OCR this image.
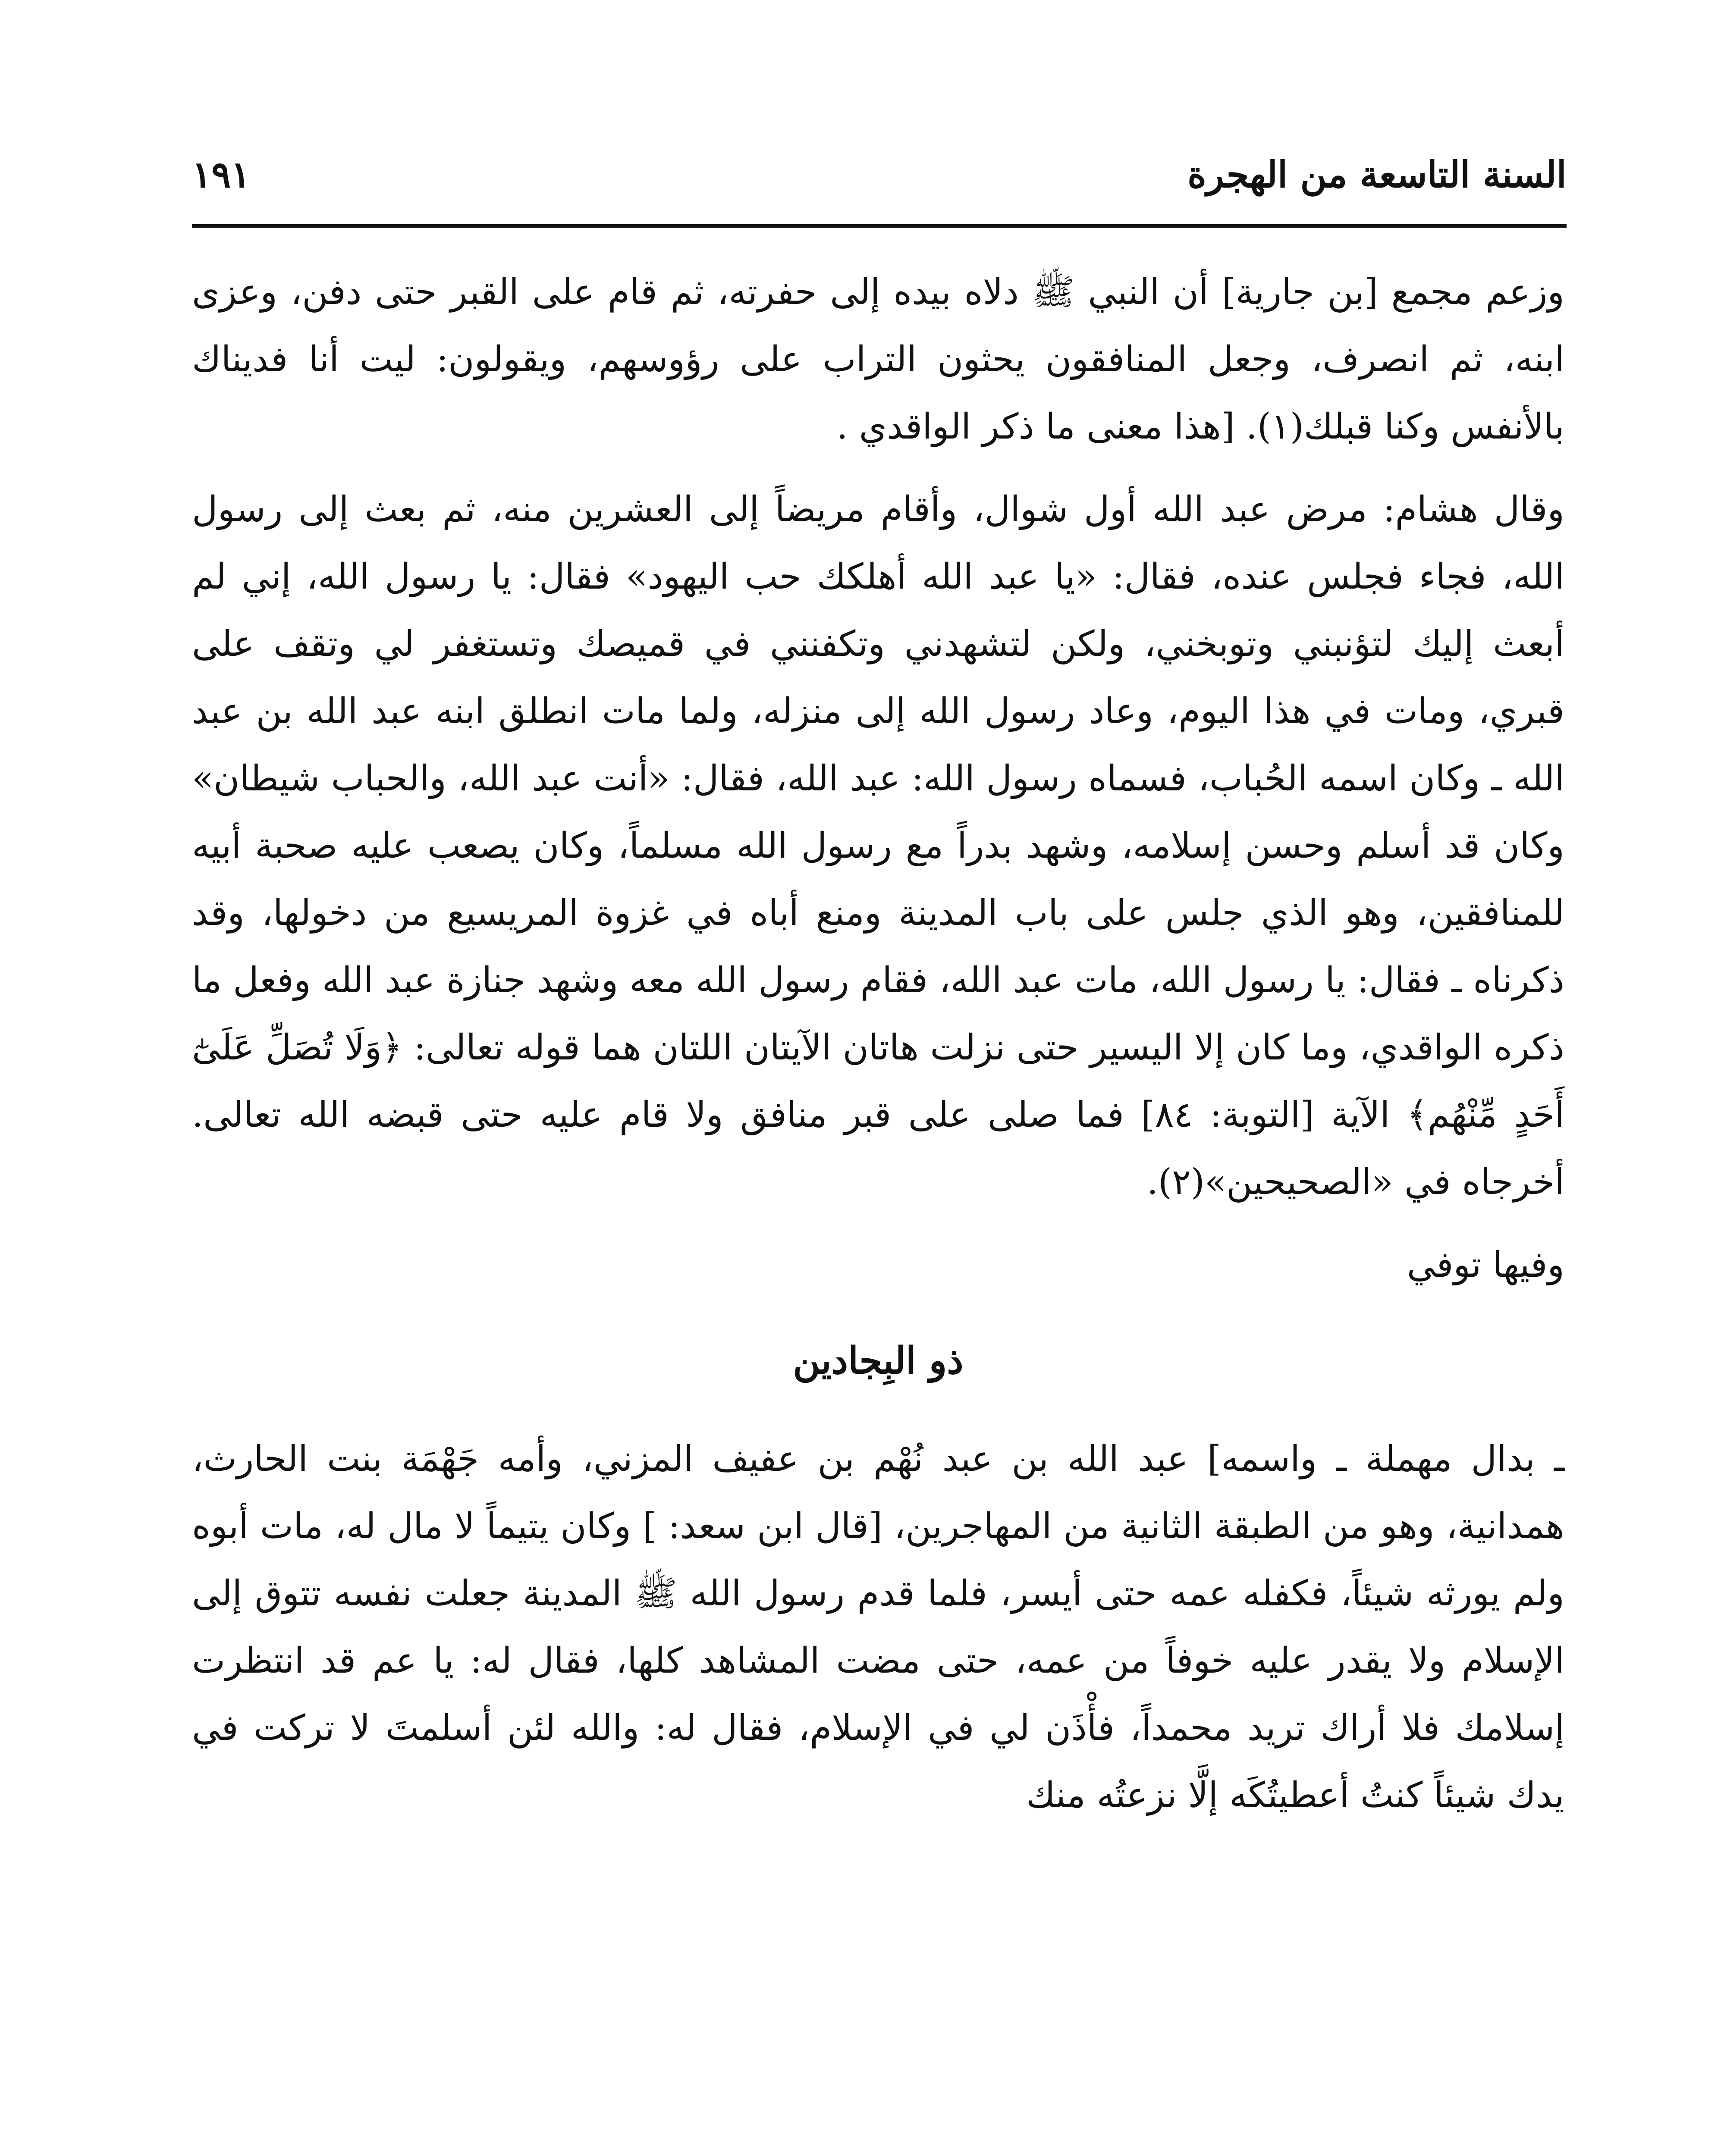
السنة التاسعة من الهجرة
١٩١

وزعم مجمع [بن جارية] أن النبي ﷺ دلاه بيده إلى حفرته، ثم قام على القبر حتى دفن، وعزى ابنه، ثم انصرف، وجعل المنافقون يحثون التراب على رؤوسهم، ويقولون: ليت أنا فديناك بالأنفس وكنا قبلك(١). [هذا معنى ما ذكر الواقدي .

وقال هشام: مرض عبد الله أول شوال، وأقام مريضاً إلى العشرين منه، ثم بعث إلى رسول الله، فجاء فجلس عنده، فقال: «يا عبد الله أهلكك حب اليهود» فقال: يا رسول الله، إني لم أبعث إليك لتؤنبني وتوبخني، ولكن لتشهدني وتكفنني في قميصك وتستغفر لي وتقف على قبري، ومات في هذا اليوم، وعاد رسول الله إلى منزله، ولما مات انطلق ابنه عبد الله بن عبد الله ـ وكان اسمه الحُباب، فسماه رسول الله: عبد الله، فقال: «أنت عبد الله، والحباب شيطان» وكان قد أسلم وحسن إسلامه، وشهد بدراً مع رسول الله مسلماً، وكان يصعب عليه صحبة أبيه للمنافقين، وهو الذي جلس على باب المدينة ومنع أباه في غزوة المريسيع من دخولها، وقد ذكرناه ـ فقال: يا رسول الله، مات عبد الله، فقام رسول الله معه وشهد جنازة عبد الله وفعل ما ذكره الواقدي، وما كان إلا اليسير حتى نزلت هاتان الآيتان اللتان هما قوله تعالى: ﴿وَلَا تُصَلِّ عَلَىٰٓ أَحَدٍ مِّنْهُم﴾ الآية [التوبة: ٨٤] فما صلى على قبر منافق ولا قام عليه حتى قبضه الله تعالى. أخرجاه في «الصحيحين»(٢).

وفيها توفي

ذو البِجادين

ـ بدال مهملة ـ واسمه] عبد الله بن عبد نُهْم بن عفيف المزني، وأمه جَهْمَة بنت الحارث، همدانية، وهو من الطبقة الثانية من المهاجرين، [قال ابن سعد: ] وكان يتيماً لا مال له، مات أبوه ولم يورثه شيئاً، فكفله عمه حتى أيسر، فلما قدم رسول الله ﷺ المدينة جعلت نفسه تتوق إلى الإسلام ولا يقدر عليه خوفاً من عمه، حتى مضت المشاهد كلها، فقال له: يا عم قد انتظرت إسلامك فلا أراك تريد محمداً، فأْذَن لي في الإسلام، فقال له: والله لئن أسلمتَ لا تركت في يدك شيئاً كنتُ أعطيتُكَه إلَّا نزعتُه منك
